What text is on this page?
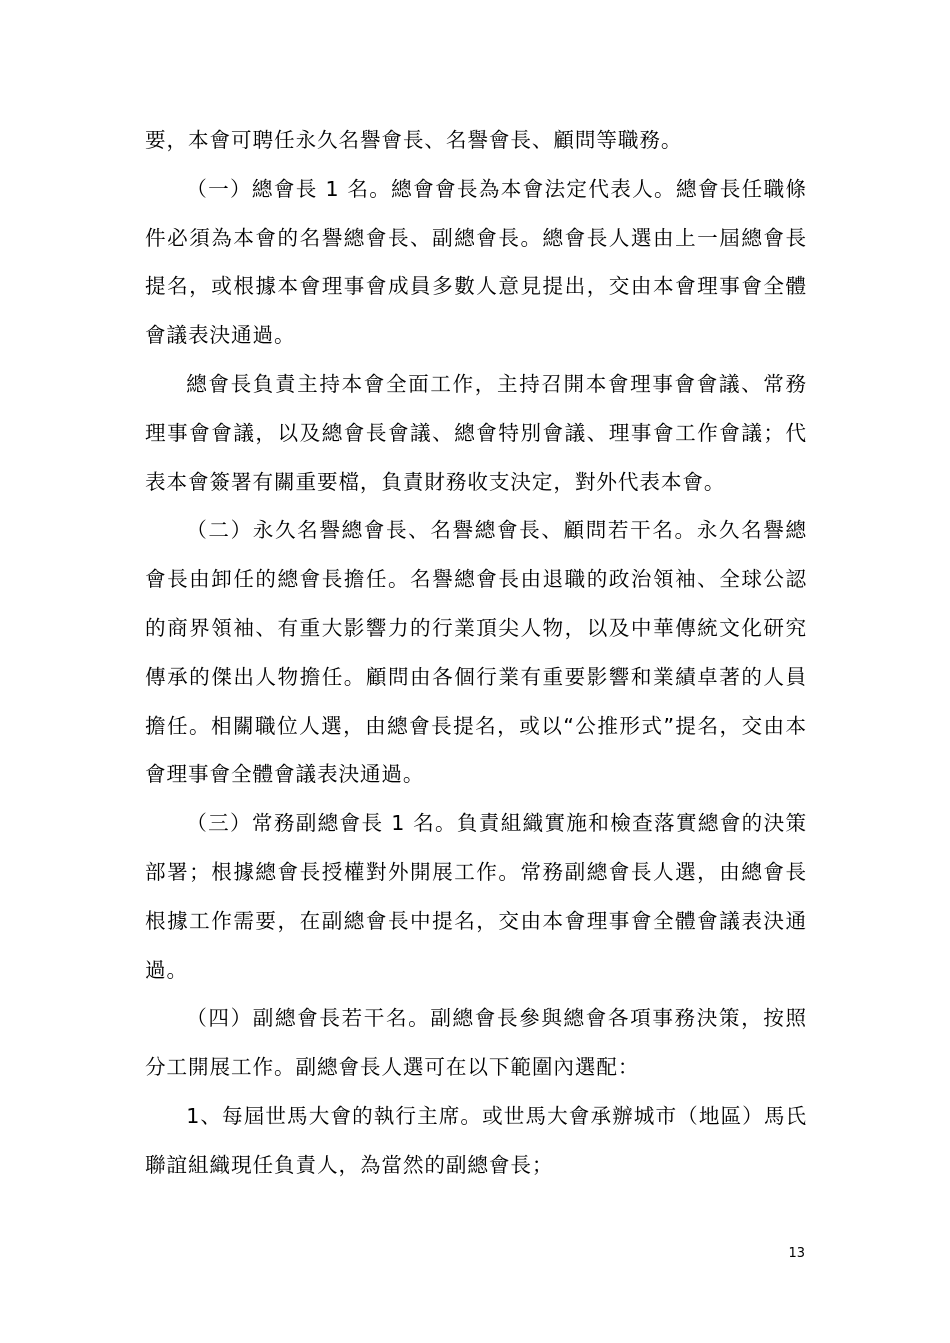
要，本會可聘任永久名譽會長、名譽會長、顧問等職務。

（一）總會長 1 名。總會會長為本會法定代表人。總會長任職條件必須為本會的名譽總會長、副總會長。總會長人選由上一屆總會長提名，或根據本會理事會成員多數人意見提出，交由本會理事會全體會議表決通過。

總會長負責主持本會全面工作，主持召開本會理事會會議、常務理事會會議，以及總會長會議、總會特別會議、理事會工作會議；代表本會簽署有關重要檔，負責財務收支決定，對外代表本會。

（二）永久名譽總會長、名譽總會長、顧問若干名。永久名譽總會長由卸任的總會長擔任。名譽總會長由退職的政治領袖、全球公認的商界領袖、有重大影響力的行業頂尖人物，以及中華傳統文化研究傳承的傑出人物擔任。顧問由各個行業有重要影響和業績卓著的人員擔任。相關職位人選，由總會長提名，或以“公推形式”提名，交由本會理事會全體會議表決通過。

（三）常務副總會長 1 名。負責組織實施和檢查落實總會的決策部署；根據總會長授權對外開展工作。常務副總會長人選，由總會長根據工作需要，在副總會長中提名，交由本會理事會全體會議表決通過。

（四）副總會長若干名。副總會長參與總會各項事務決策，按照分工開展工作。副總會長人選可在以下範圍內選配：

1、每屆世馬大會的執行主席。或世馬大會承辦城市（地區）馬氏聯誼組織現任負責人，為當然的副總會長；

13
